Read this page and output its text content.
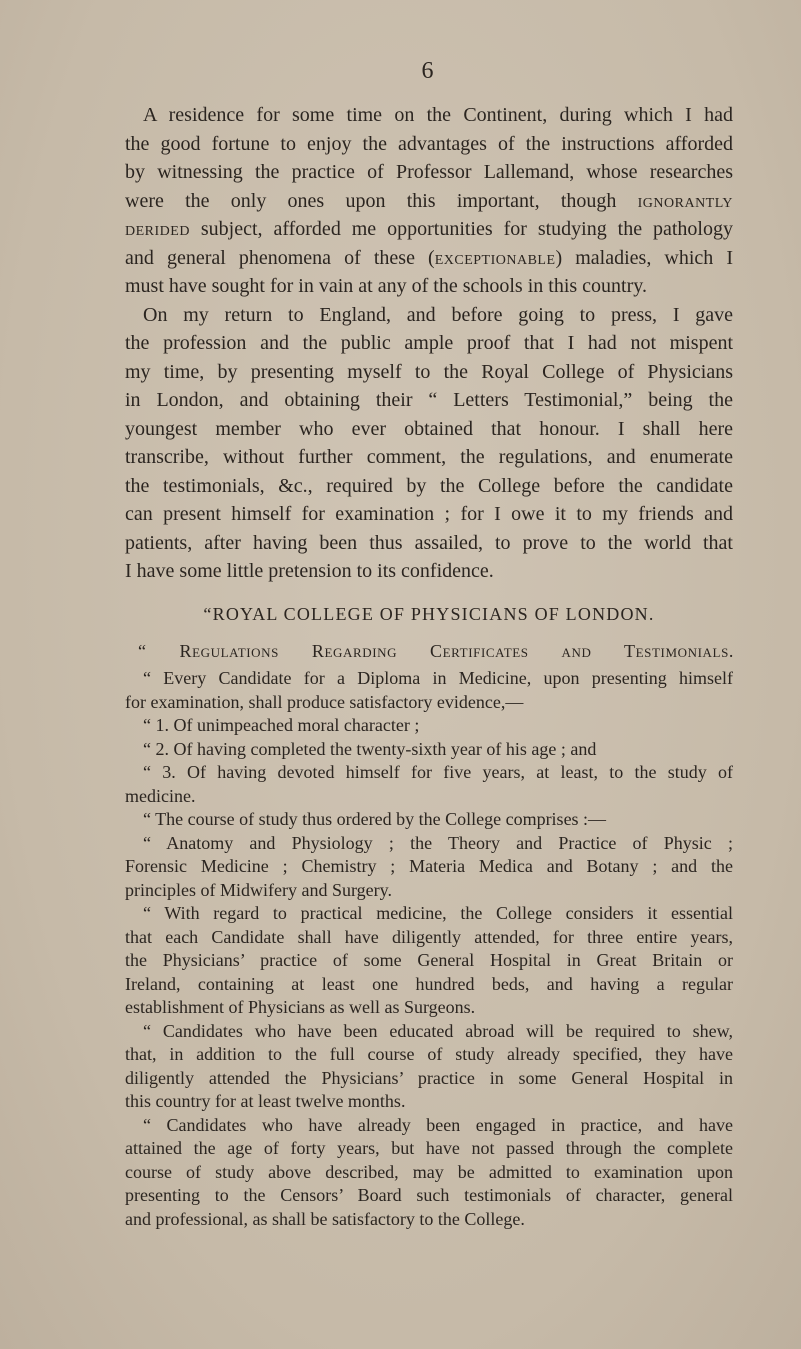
6
A residence for some time on the Continent, during which I had
the good fortune to enjoy the advantages of the instructions afforded
by witnessing the practice of Professor Lallemand, whose researches
were the only ones upon this important, though ignorantly
derided subject, afforded me opportunities for studying the pathology
and general phenomena of these (exceptionable) maladies, which I
must have sought for in vain at any of the schools in this country.
On my return to England, and before going to press, I gave
the profession and the public ample proof that I had not mispent
my time, by presenting myself to the Royal College of Physicians
in London, and obtaining their “ Letters Testimonial,” being the
youngest member who ever obtained that honour. I shall here
transcribe, without further comment, the regulations, and enumerate
the testimonials, &c., required by the College before the candidate
can present himself for examination ; for I owe it to my friends and
patients, after having been thus assailed, to prove to the world that
I have some little pretension to its confidence.
“ROYAL COLLEGE OF PHYSICIANS OF LONDON.
“ Regulations Regarding Certificates and Testimonials.
“ Every Candidate for a Diploma in Medicine, upon presenting himself
for examination, shall produce satisfactory evidence,—
“ 1. Of unimpeached moral character ;
“ 2. Of having completed the twenty-sixth year of his age ; and
“ 3. Of having devoted himself for five years, at least, to the study of
medicine.
“ The course of study thus ordered by the College comprises :—
“ Anatomy and Physiology ; the Theory and Practice of Physic ;
Forensic Medicine ; Chemistry ; Materia Medica and Botany ; and the
principles of Midwifery and Surgery.
“ With regard to practical medicine, the College considers it essential
that each Candidate shall have diligently attended, for three entire years,
the Physicians’ practice of some General Hospital in Great Britain or
Ireland, containing at least one hundred beds, and having a regular
establishment of Physicians as well as Surgeons.
“ Candidates who have been educated abroad will be required to shew,
that, in addition to the full course of study already specified, they have
diligently attended the Physicians’ practice in some General Hospital in
this country for at least twelve months.
“ Candidates who have already been engaged in practice, and have
attained the age of forty years, but have not passed through the complete
course of study above described, may be admitted to examination upon
presenting to the Censors’ Board such testimonials of character, general
and professional, as shall be satisfactory to the College.
